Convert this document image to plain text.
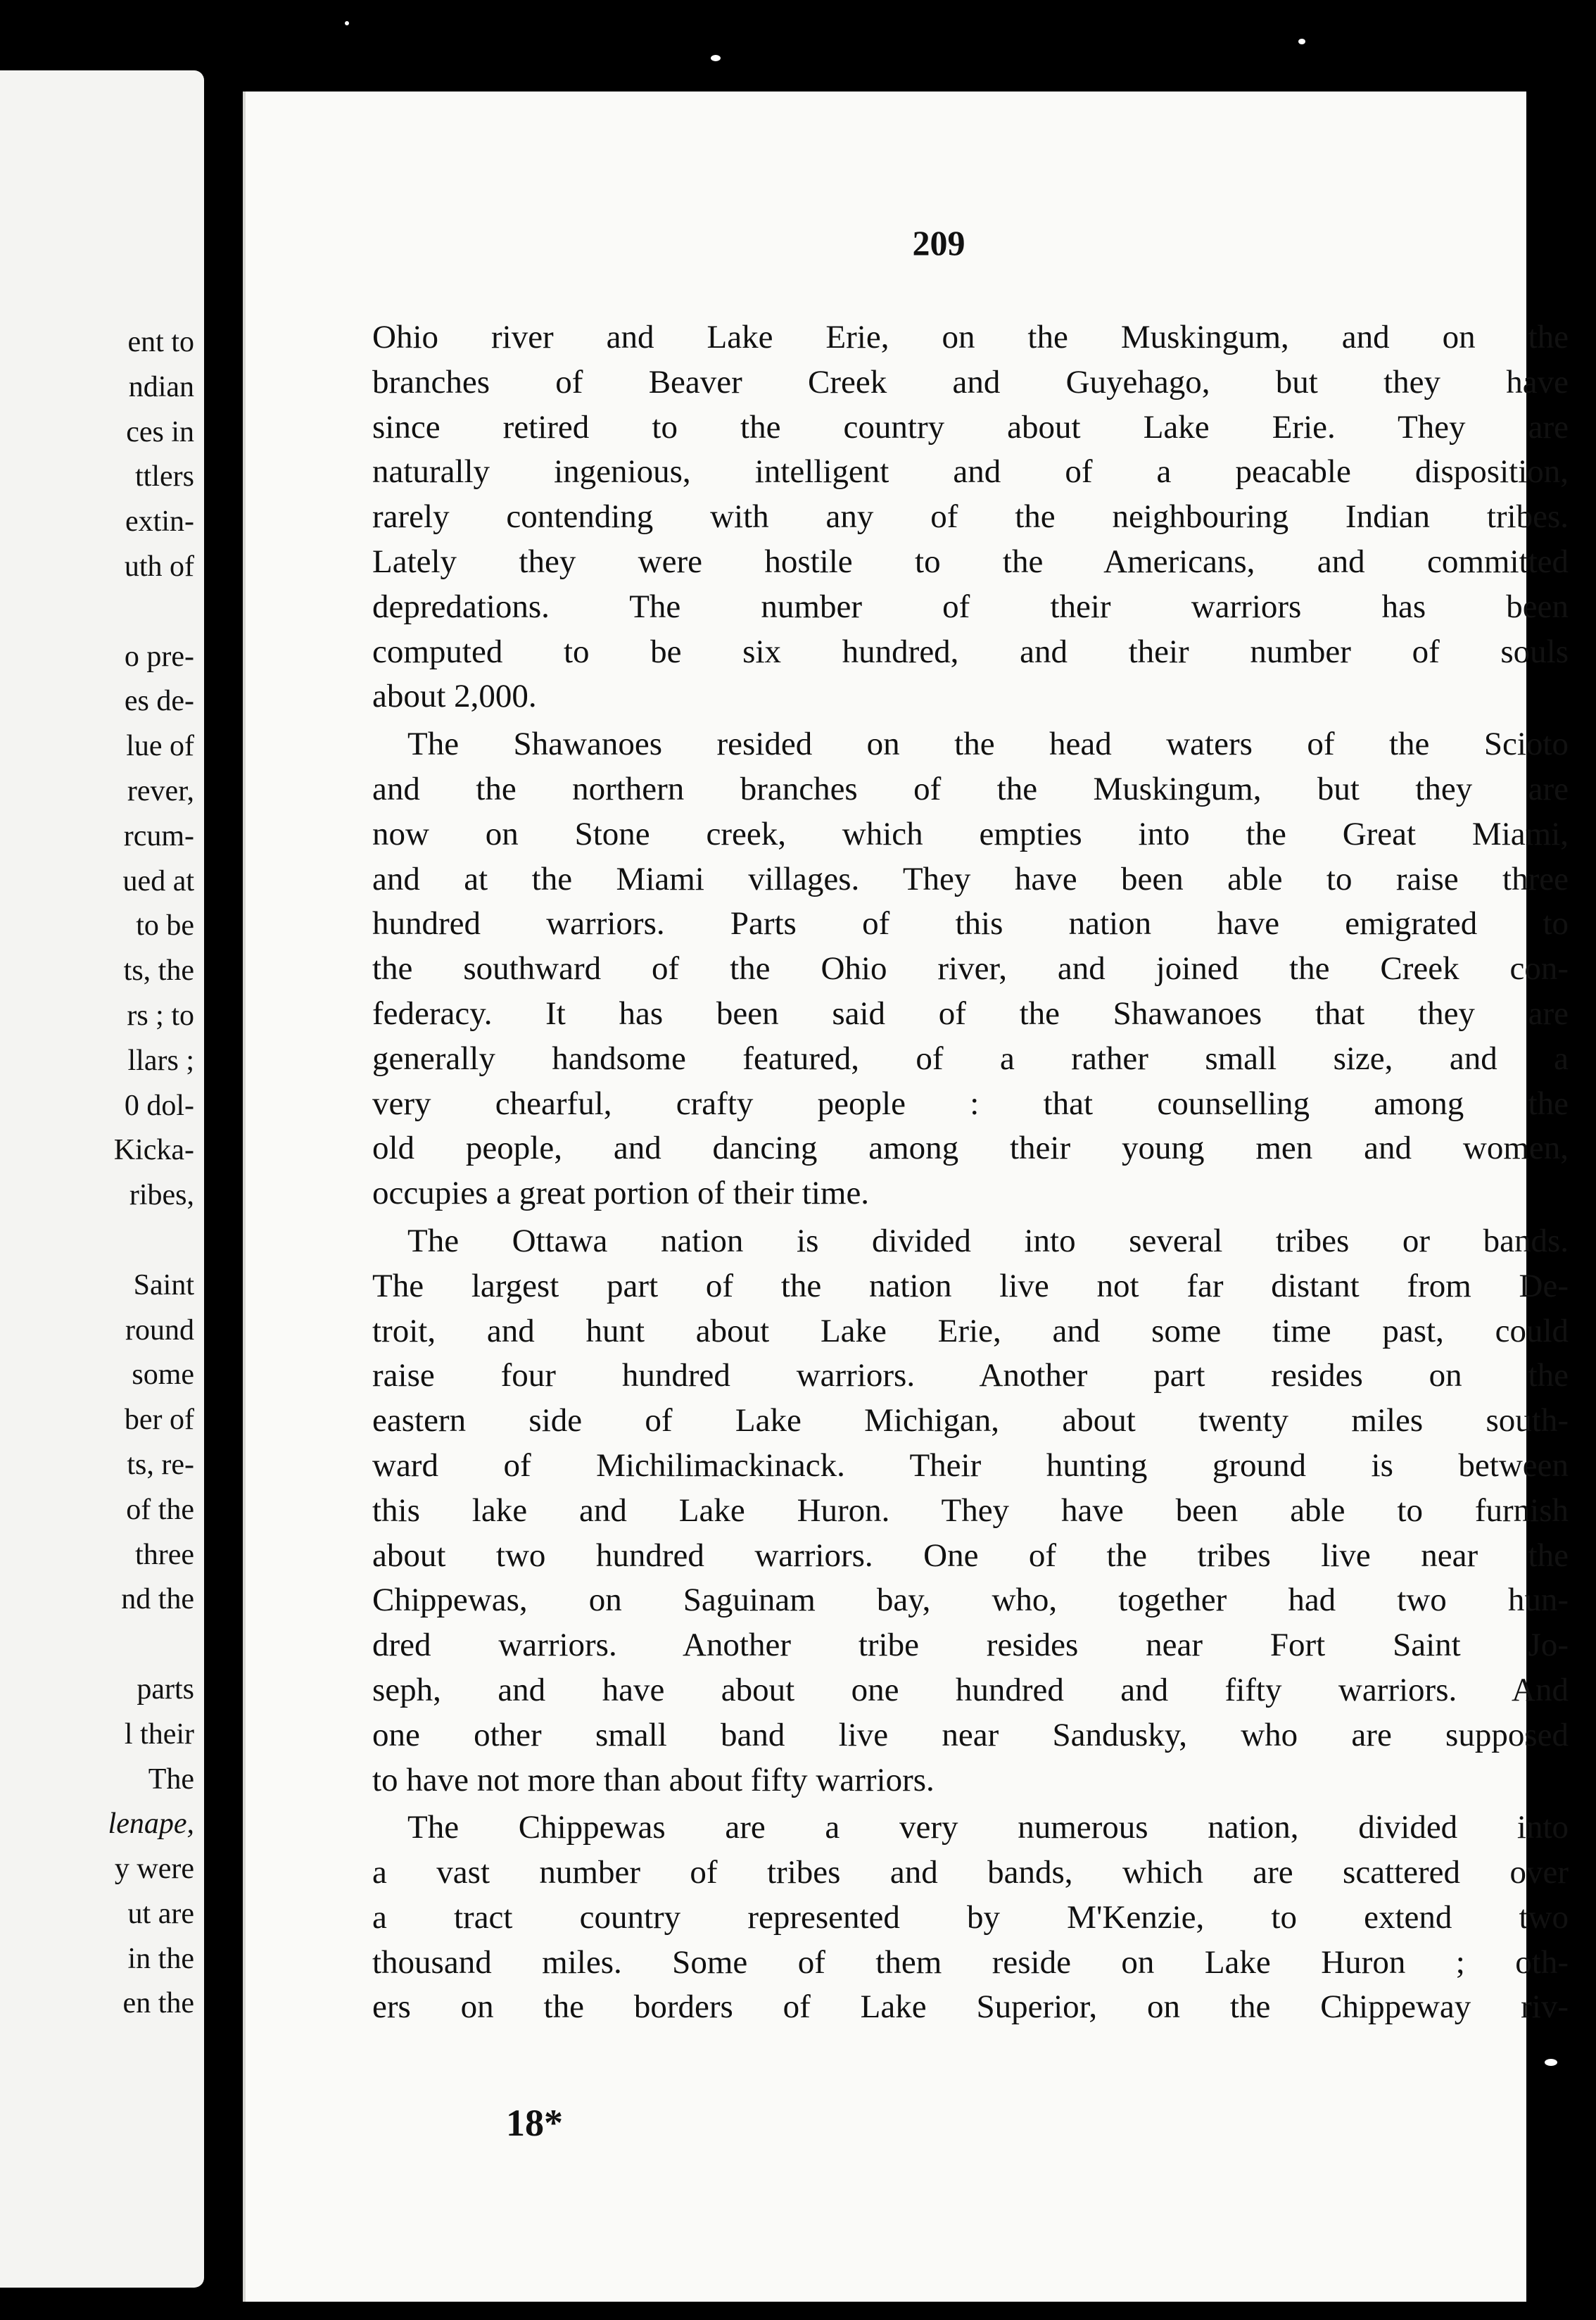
ent to
ndian
ces in
ttlers
extin-
uth of
o pre-
es de-
lue of
rever,
rcum-
ued at
to be
ts, the
rs ; to
llars ;
0 dol-
Kicka-
ribes,
Saint
round
some
ber of
ts, re-
of the
three
nd the
parts
l their
The
lenape,
y were
ut are
in the
en the
209
Ohio river and Lake Erie, on the Muskingum, and on the
branches of Beaver Creek and Guyehago, but they have
since retired to the country about Lake Erie. They are
naturally ingenious, intelligent and of a peacable disposition,
rarely contending with any of the neighbouring Indian tribes.
Lately they were hostile to the Americans, and committed
depredations. The number of their warriors has been
computed to be six hundred, and their number of souls
about 2,000.
The Shawanoes resided on the head waters of the Scioto
and the northern branches of the Muskingum, but they are
now on Stone creek, which empties into the Great Miami,
and at the Miami villages. They have been able to raise three
hundred warriors. Parts of this nation have emigrated to
the southward of the Ohio river, and joined the Creek con-
federacy. It has been said of the Shawanoes that they are
generally handsome featured, of a rather small size, and a
very chearful, crafty people : that counselling among the
old people, and dancing among their young men and women,
occupies a great portion of their time.
The Ottawa nation is divided into several tribes or bands.
The largest part of the nation live not far distant from De-
troit, and hunt about Lake Erie, and some time past, could
raise four hundred warriors. Another part resides on the
eastern side of Lake Michigan, about twenty miles south-
ward of Michilimackinack. Their hunting ground is between
this lake and Lake Huron. They have been able to furnish
about two hundred warriors. One of the tribes live near the
Chippewas, on Saguinam bay, who, together had two hun-
dred warriors. Another tribe resides near Fort Saint Jo-
seph, and have about one hundred and fifty warriors. And
one other small band live near Sandusky, who are supposed
to have not more than about fifty warriors.
The Chippewas are a very numerous nation, divided into
a vast number of tribes and bands, which are scattered over
a tract country represented by M'Kenzie, to extend two
thousand miles. Some of them reside on Lake Huron ; oth-
ers on the borders of Lake Superior, on the Chippeway riv-
18*
